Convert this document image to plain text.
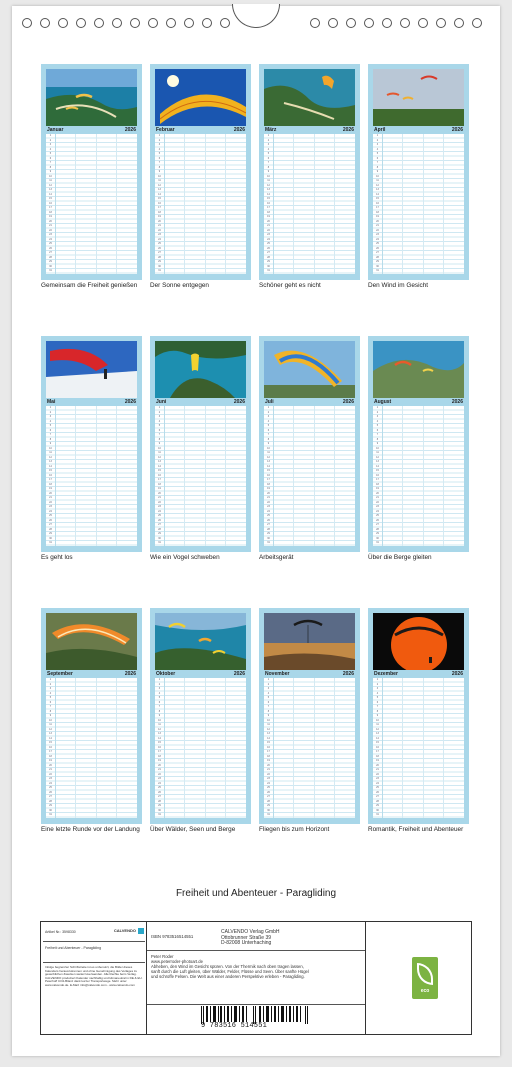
Januar	2026
1
2
3
4
5
6
7
8
9
10
11
12
13
14
15
16
17
18
19
20
21
22
23
24
25
26
27
28
29
30
31

Gemeinsam die Freiheit genießen
Februar	2026
1
2
3
4
5
6
7
8
9
10
11
12
13
14
15
16
17
18
19
20
21
22
23
24
25
26
27
28
29
30
31

Der Sonne entgegen
März	2026
1
2
3
4
5
6
7
8
9
10
11
12
13
14
15
16
17
18
19
20
21
22
23
24
25
26
27
28
29
30
31

Schöner geht es nicht
April	2026
1
2
3
4
5
6
7
8
9
10
11
12
13
14
15
16
17
18
19
20
21
22
23
24
25
26
27
28
29
30
31

Den Wind im Gesicht
Mai	2026
1
2
3
4
5
6
7
8
9
10
11
12
13
14
15
16
17
18
19
20
21
22
23
24
25
26
27
28
29
30
31

Es geht los
Juni	2026
1
2
3
4
5
6
7
8
9
10
11
12
13
14
15
16
17
18
19
20
21
22
23
24
25
26
27
28
29
30
31

Wie ein Vogel schweben
Juli	2026
1
2
3
4
5
6
7
8
9
10
11
12
13
14
15
16
17
18
19
20
21
22
23
24
25
26
27
28
29
30
31

Arbeitsgerät
August	2026
1
2
3
4
5
6
7
8
9
10
11
12
13
14
15
16
17
18
19
20
21
22
23
24
25
26
27
28
29
30
31

Über die Berge gleiten
September	2026
1
2
3
4
5
6
7
8
9
10
11
12
13
14
15
16
17
18
19
20
21
22
23
24
25
26
27
28
29
30
31

Eine letzte Runde vor der Landung
Oktober	2026
1
2
3
4
5
6
7
8
9
10
11
12
13
14
15
16
17
18
19
20
21
22
23
24
25
26
27
28
29
30
31

Über Wälder, Seen und Berge
November	2026
1
2
3
4
5
6
7
8
9
10
11
12
13
14
15
16
17
18
19
20
21
22
23
24
25
26
27
28
29
30
31

Fliegen bis zum Horizont
Dezember	2026
1
2
3
4
5
6
7
8
9
10
11
12
13
14
15
16
17
18
19
20
21
22
23
24
25
26
27
28
29
30
31

Romantik, Freiheit und Abenteuer
Freiheit und Abenteuer - Paragliding
Artikel Nr.: 3598330	CALVENDO
Freiheit und Abenteuer - Paragliding
Infolge begrenzter Schriftstreite ist es unbenutzt, die Bilder dieses Kalenders herauszutrennen und ohne Genehmigung des Verlages zu gewerblichen Zwecken weiterzuverwenden. Alle Rechte beim Verlag. CALVENDO produziert Kalender nachhaltig und klimaneutral in DE & EU. Peterhoff CO2-Bilanz dank kurzer Transportwege. Mehr unter www.calvendo.de. E-Mail: info@calvendo.com - www.calvendo.com
ISBN 9783516514551
CALVENDO Verlag GmbH
Ottobrunner Straße 39
D-82008 Unterhaching
Peter Roder
www.peterroder-photoart.de
Abheben, den Wind im Gesicht spüren. Von der Thermik nach oben tragen lassen, sanft durch die Luft gleiten, über Wälder, Felder, Flüsse und Seen. Über sanfte Hügel und schroffe Felsen. Die Welt aus einer anderen Perspektive erleben - Paragliding.
9 783516 514551
eco
